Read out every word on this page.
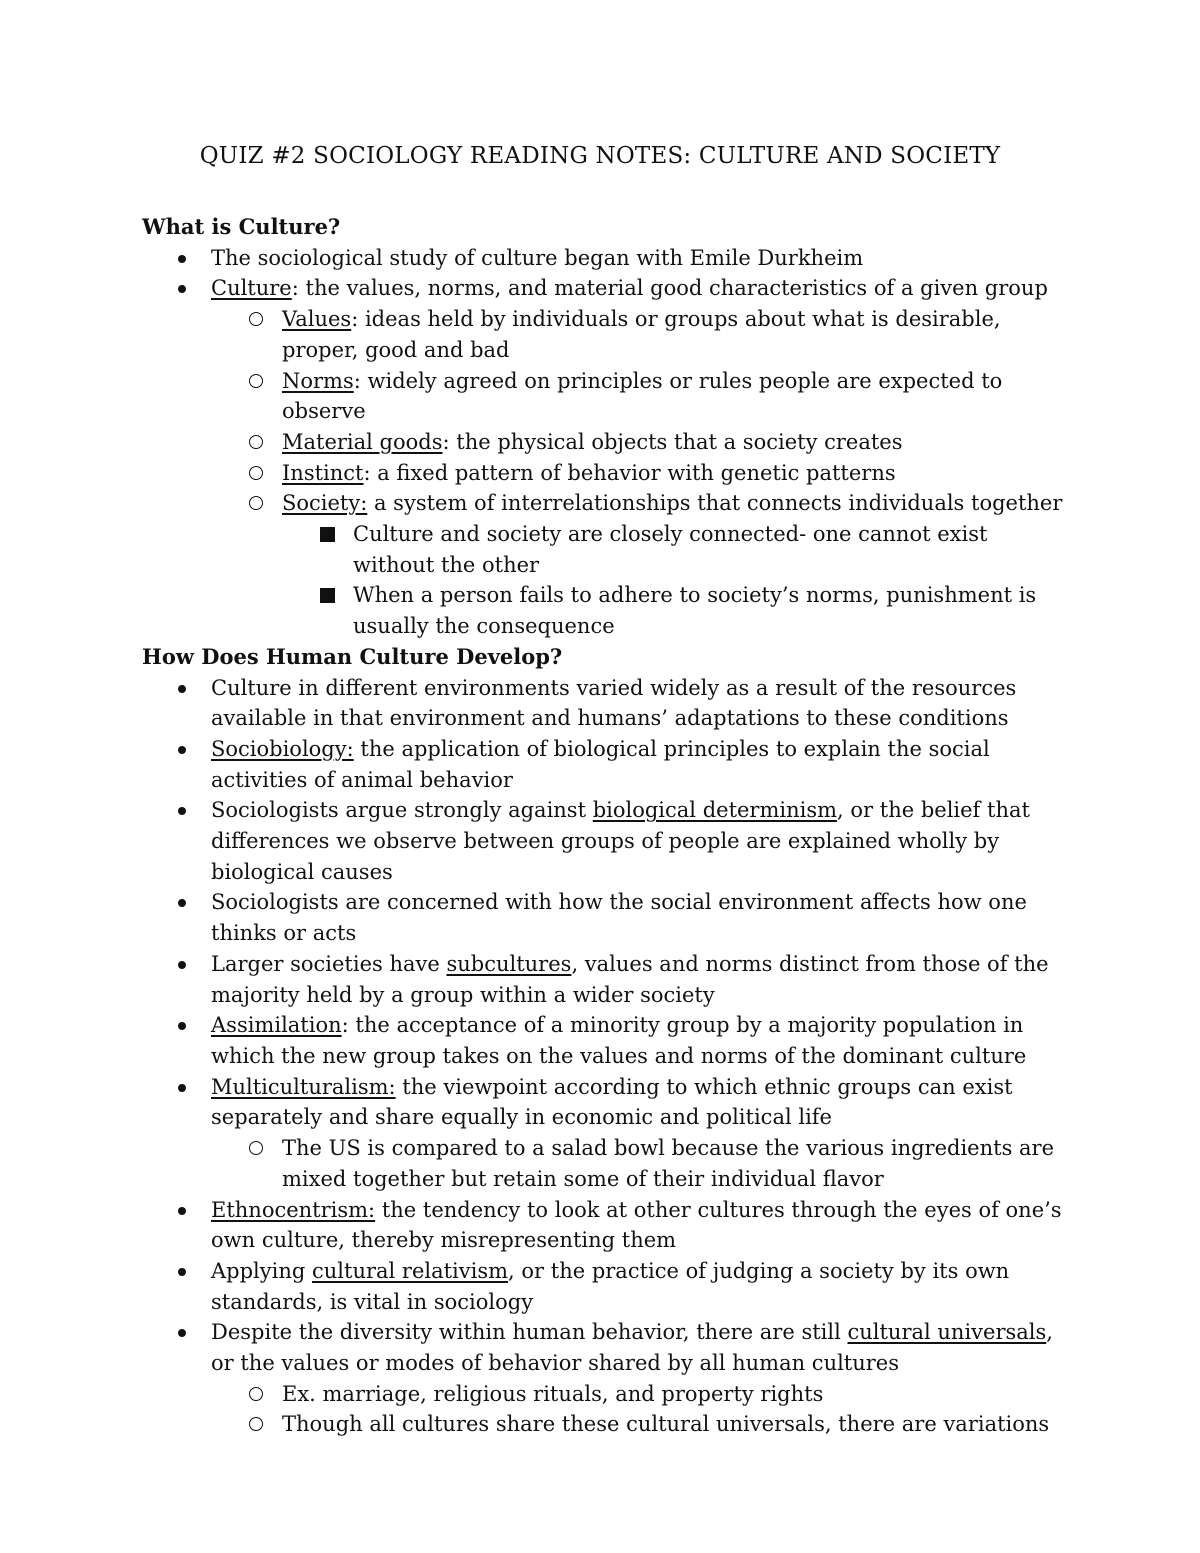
QUIZ #2 SOCIOLOGY READING NOTES: CULTURE AND SOCIETY
What is Culture?
The sociological study of culture began with Emile Durkheim
Culture: the values, norms, and material good characteristics of a given group
Values: ideas held by individuals or groups about what is desirable, proper, good and bad
Norms: widely agreed on principles or rules people are expected to observe
Material goods: the physical objects that a society creates
Instinct: a fixed pattern of behavior with genetic patterns
Society: a system of interrelationships that connects individuals together
Culture and society are closely connected- one cannot exist without the other
When a person fails to adhere to society’s norms, punishment is usually the consequence
How Does Human Culture Develop?
Culture in different environments varied widely as a result of the resources available in that environment and humans’ adaptations to these conditions
Sociobiology: the application of biological principles to explain the social activities of animal behavior
Sociologists argue strongly against biological determinism, or the belief that differences we observe between groups of people are explained wholly by biological causes
Sociologists are concerned with how the social environment affects how one thinks or acts
Larger societies have subcultures, values and norms distinct from those of the majority held by a group within a wider society
Assimilation: the acceptance of a minority group by a majority population in which the new group takes on the values and norms of the dominant culture
Multiculturalism: the viewpoint according to which ethnic groups can exist separately and share equally in economic and political life
The US is compared to a salad bowl because the various ingredients are mixed together but retain some of their individual flavor
Ethnocentrism: the tendency to look at other cultures through the eyes of one’s own culture, thereby misrepresenting them
Applying cultural relativism, or the practice of judging a society by its own standards, is vital in sociology
Despite the diversity within human behavior, there are still cultural universals, or the values or modes of behavior shared by all human cultures
Ex. marriage, religious rituals, and property rights
Though all cultures share these cultural universals, there are variations
